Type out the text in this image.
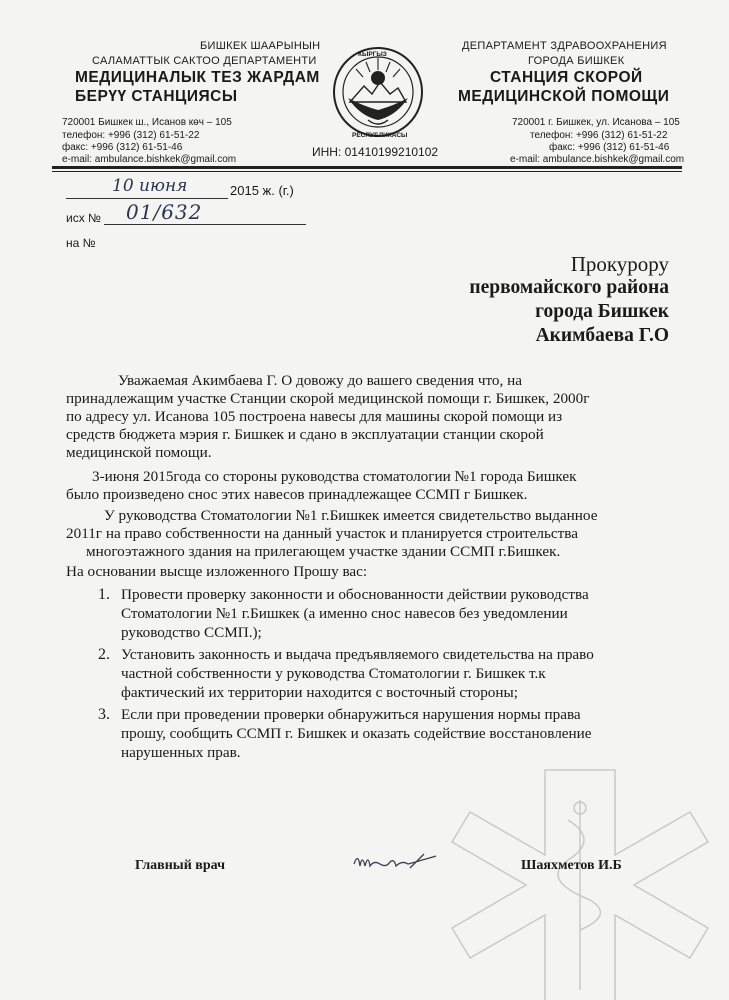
БИШКЕК ШААРЫНЫН
САЛАМАТТЫК САКТОО ДЕПАРТАМЕНТИ
МЕДИЦИНАЛЫК ТЕЗ ЖАРДАМ
БЕРҮҮ СТАНЦИЯСЫ
720001 Бишкек ш., Исанов көч – 105
телефон: +996 (312) 61-51-22
факс: +996 (312) 61-51-46
e-mail: ambulance.bishkek@gmail.com
КЫРГЫЗ
РЕСПУБЛИКАСЫ
ДЕПАРТАМЕНТ ЗДРАВООХРАНЕНИЯ
ГОРОДА БИШКЕК
СТАНЦИЯ СКОРОЙ
МЕДИЦИНСКОЙ ПОМОЩИ
720001 г. Бишкек, ул. Исанова – 105
телефон: +996 (312) 61-51-22
факс: +996 (312) 61-51-46
e-mail: ambulance.bishkek@gmail.com
ИНН: 01410199210102
10 июня	2015 ж. (г.)
исх № 01/632
на №
Прокурору
первомайского района
города Бишкек
Акимбаева Г.О
Уважаемая Акимбаева Г. О довожу до вашего сведения что, на
принадлежащим участке Станции скорой медицинской помощи г. Бишкек, 2000г
по адресу ул. Исанова 105 построена навесы для машины скорой помощи из
средств бюджета мэрия г. Бишкек и сдано в эксплуатации станции скорой
медицинской помощи.
3-июня 2015года со стороны руководства стоматологии №1 города Бишкек
было произведено снос этих навесов принадлежащее ССМП г Бишкек.
У руководства Стоматологии №1 г.Бишкек имеется свидетельство выданное
2011г на право собственности на данный участок и планируется строительства
многоэтажного здания на прилегающем участке здании ССМП г.Бишкек.
На основании высще изложенного Прошу вас:
1. Провести проверку законности и обоснованности действии руководства
Стоматологии №1 г.Бишкек (а именно снос навесов без уведомлении
руководство ССМП.);
2. Установить законность и выдача предъявляемого свидетельства на право
частной собственности у руководства Стоматологии г. Бишкек т.к
фактический их территории находится с восточный стороны;
3. Если при проведении проверки обнаружиться нарушения нормы права
прошу, сообщить ССМП г. Бишкек и оказать содействие восстановление
нарушенных прав.
Главный врач	Шаяхметов И.Б
